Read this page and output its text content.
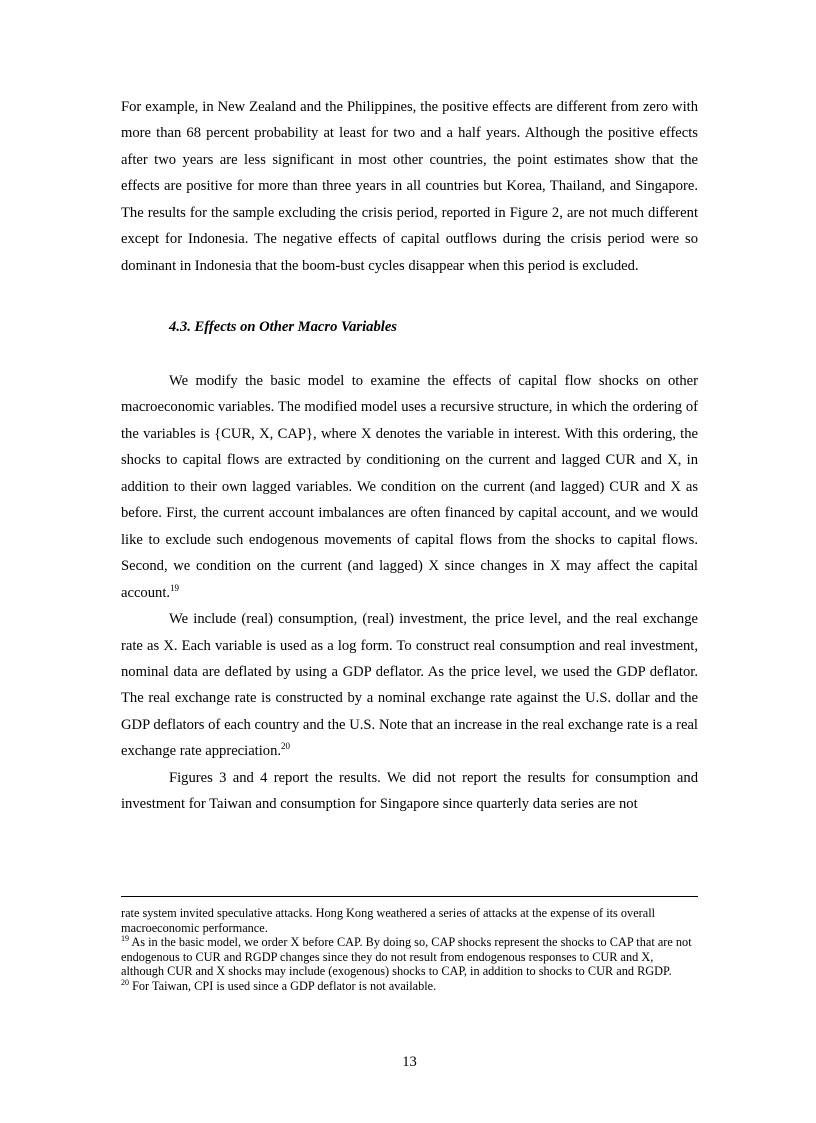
For example, in New Zealand and the Philippines, the positive effects are different from zero with more than 68 percent probability at least for two and a half years. Although the positive effects after two years are less significant in most other countries, the point estimates show that the effects are positive for more than three years in all countries but Korea, Thailand, and Singapore. The results for the sample excluding the crisis period, reported in Figure 2, are not much different except for Indonesia. The negative effects of capital outflows during the crisis period were so dominant in Indonesia that the boom-bust cycles disappear when this period is excluded.

4.3. Effects on Other Macro Variables

We modify the basic model to examine the effects of capital flow shocks on other macroeconomic variables. The modified model uses a recursive structure, in which the ordering of the variables is {CUR, X, CAP}, where X denotes the variable in interest. With this ordering, the shocks to capital flows are extracted by conditioning on the current and lagged CUR and X, in addition to their own lagged variables. We condition on the current (and lagged) CUR and X as before. First, the current account imbalances are often financed by capital account, and we would like to exclude such endogenous movements of capital flows from the shocks to capital flows. Second, we condition on the current (and lagged) X since changes in X may affect the capital account.$^{19}$

We include (real) consumption, (real) investment, the price level, and the real exchange rate as X. Each variable is used as a log form. To construct real consumption and real investment, nominal data are deflated by using a GDP deflator. As the price level, we used the GDP deflator. The real exchange rate is constructed by a nominal exchange rate against the U.S. dollar and the GDP deflators of each country and the U.S. Note that an increase in the real exchange rate is a real exchange rate appreciation.$^{20}$

Figures 3 and 4 report the results. We did not report the results for consumption and investment for Taiwan and consumption for Singapore since quarterly data series are not

rate system invited speculative attacks. Hong Kong weathered a series of attacks at the expense of its overall macroeconomic performance.

$^{19}$ As in the basic model, we order X before CAP. By doing so, CAP shocks represent the shocks to CAP that are not endogenous to CUR and RGDP changes since they do not result from endogenous responses to CUR and X, although CUR and X shocks may include (exogenous) shocks to CAP, in addition to shocks to CUR and RGDP.

$^{20}$ For Taiwan, CPI is used since a GDP deflator is not available.

13
